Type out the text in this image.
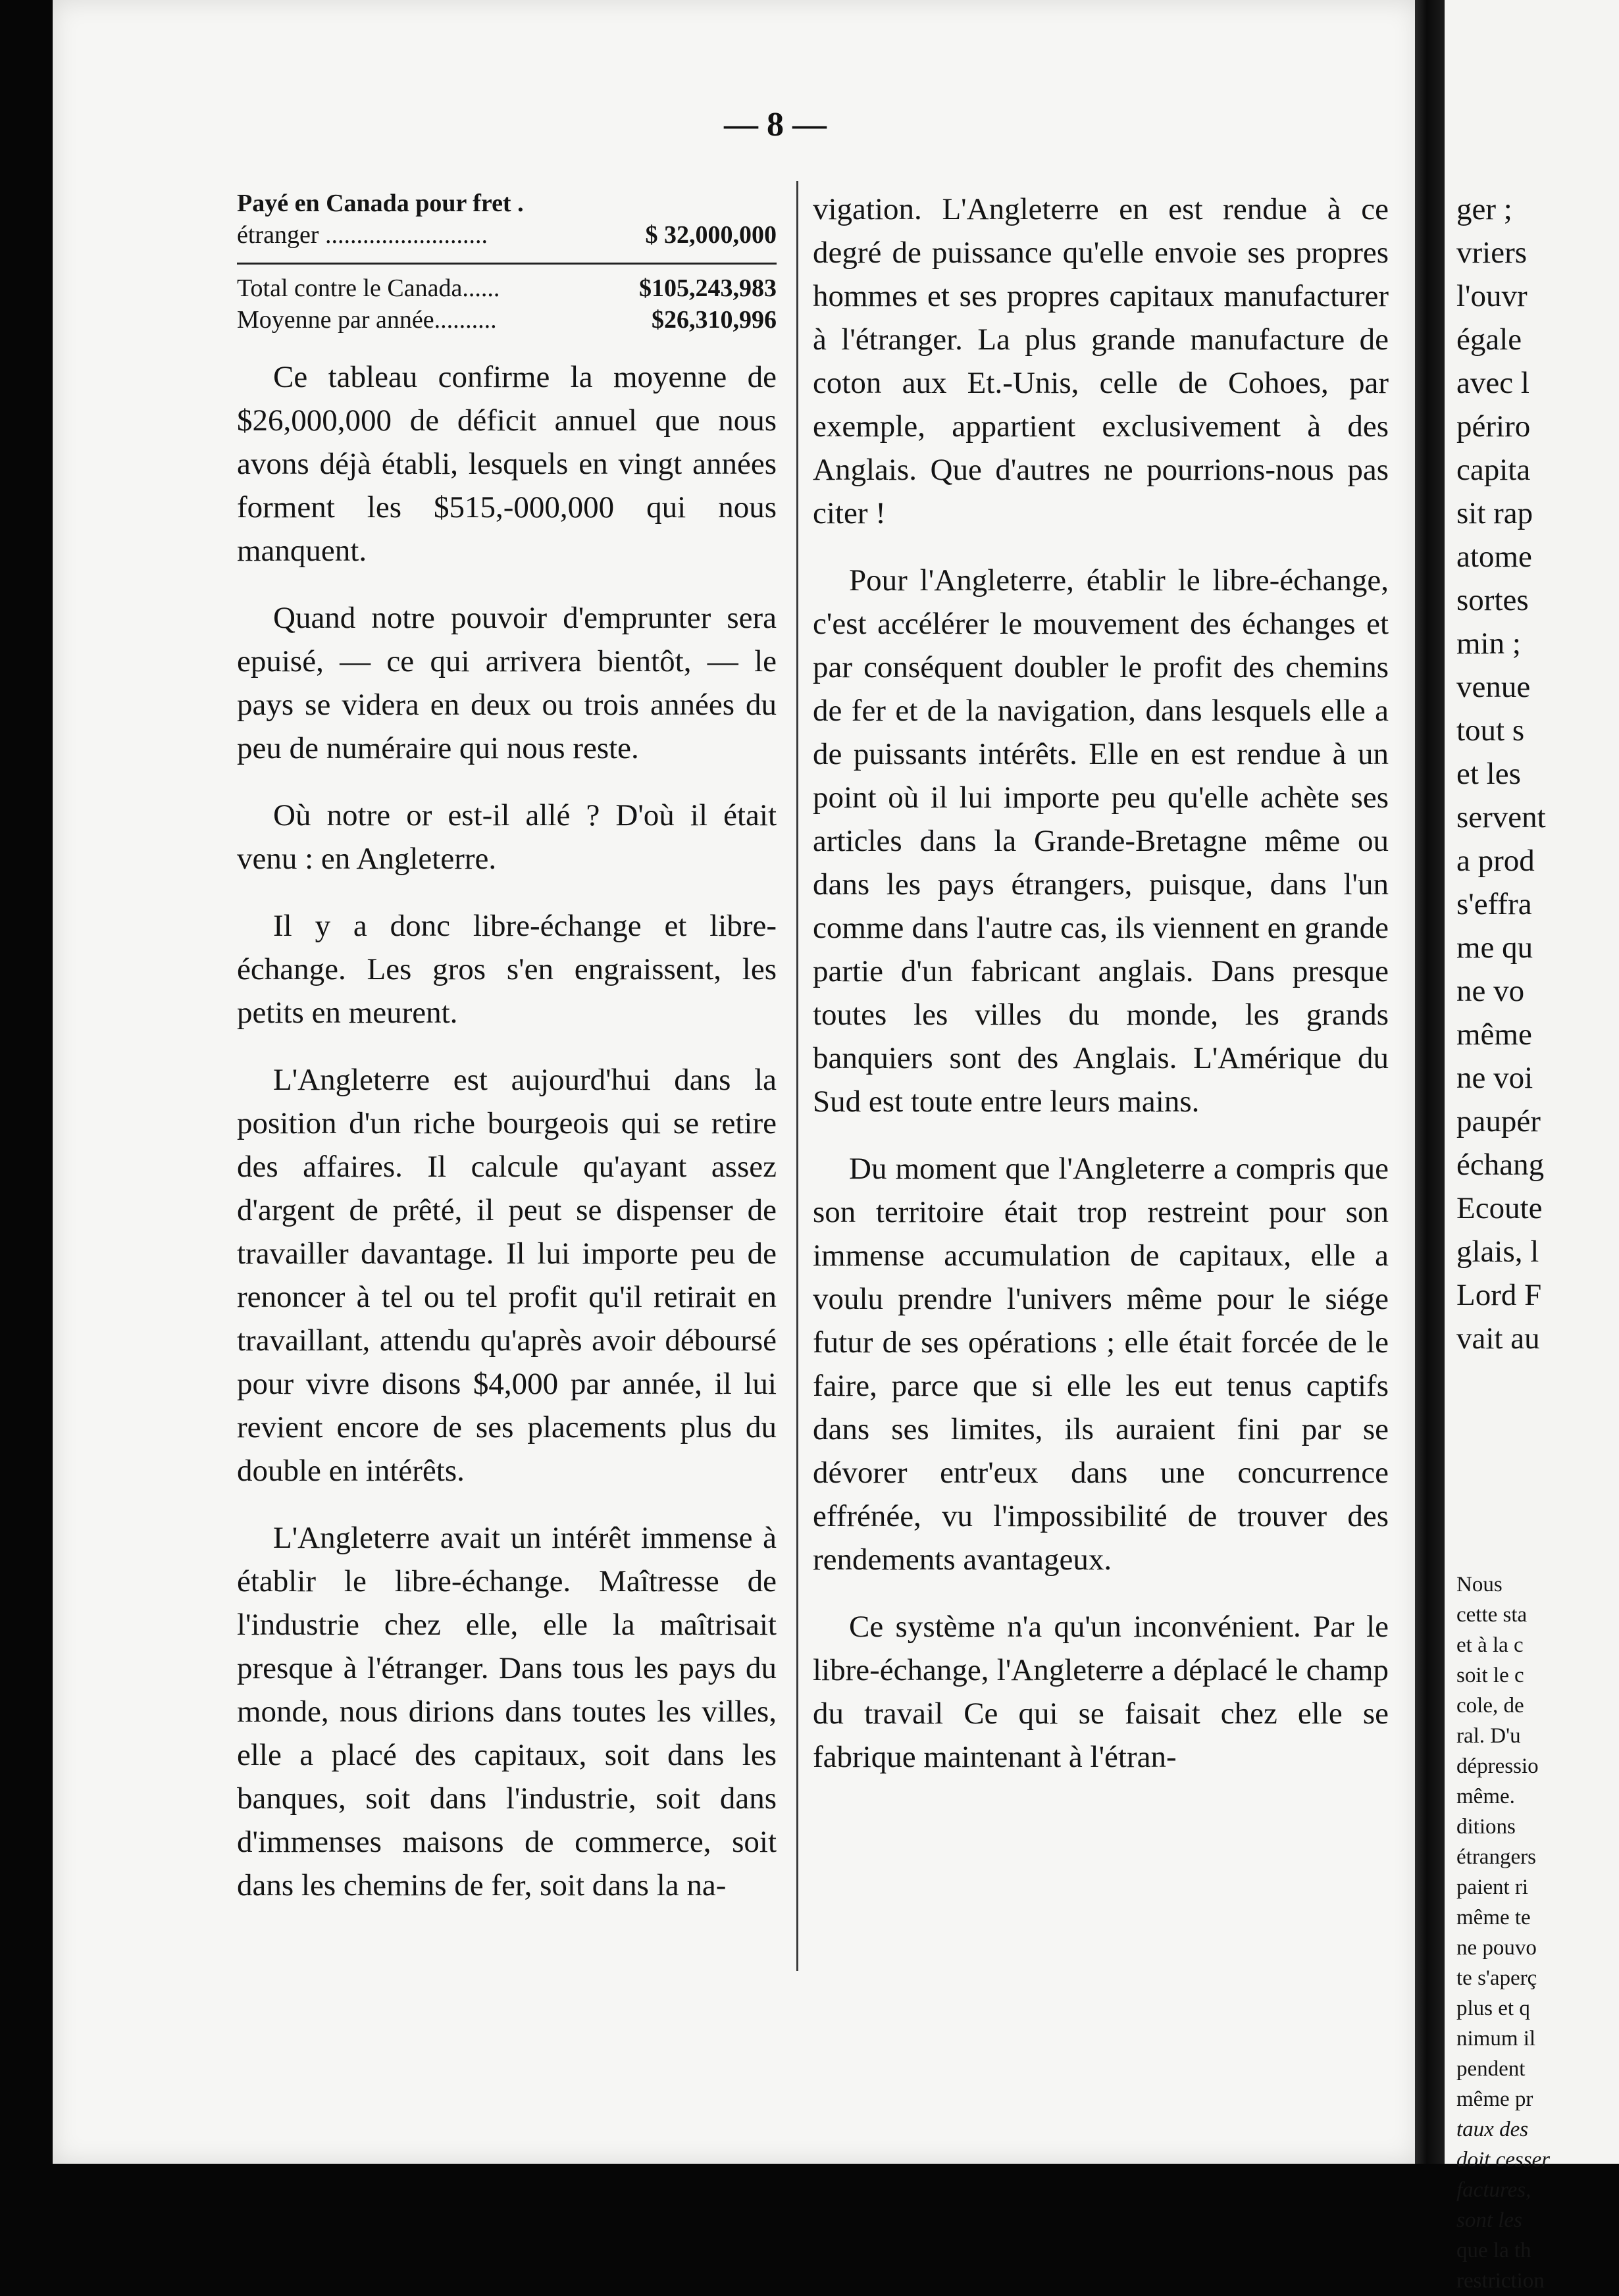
— 8 —
Payé en Canada pour fret .
étranger ..........................	$ 32,000,000
Total contre le Canada......	$105,243,983
Moyenne par année..........	$26,310,996

Ce tableau confirme la moyenne de $26,000,000 de déficit annuel que nous avons déjà établi, lesquels en vingt années forment les $515,-000,000 qui nous manquent.

Quand notre pouvoir d'emprunter sera epuisé, — ce qui arrivera bientôt, — le pays se videra en deux ou trois années du peu de numéraire qui nous reste.

Où notre or est-il allé ? D'où il était venu : en Angleterre.

Il y a donc libre-échange et libre-échange. Les gros s'en engraissent, les petits en meurent.

L'Angleterre est aujourd'hui dans la position d'un riche bourgeois qui se retire des affaires. Il calcule qu'ayant assez d'argent de prêté, il peut se dispenser de travailler davantage. Il lui importe peu de renoncer à tel ou tel profit qu'il retirait en travaillant, attendu qu'après avoir déboursé pour vivre disons $4,000 par année, il lui revient encore de ses placements plus du double en intérêts.

L'Angleterre avait un intérêt immense à établir le libre-échange. Maîtresse de l'industrie chez elle, elle la maîtrisait presque à l'étranger. Dans tous les pays du monde, nous dirions dans toutes les villes, elle a placé des capitaux, soit dans les banques, soit dans l'industrie, soit dans d'immenses maisons de commerce, soit dans les chemins de fer, soit dans la na-

vigation. L'Angleterre en est rendue à ce degré de puissance qu'elle envoie ses propres hommes et ses propres capitaux manufacturer à l'étranger. La plus grande manufacture de coton aux Et.-Unis, celle de Cohoes, par exemple, appartient exclusivement à des Anglais. Que d'autres ne pourrions-nous pas citer !

Pour l'Angleterre, établir le libre-échange, c'est accélérer le mouvement des échanges et par conséquent doubler le profit des chemins de fer et de la navigation, dans lesquels elle a de puissants intérêts. Elle en est rendue à un point où il lui importe peu qu'elle achète ses articles dans la Grande-Bretagne même ou dans les pays étrangers, puisque, dans l'un comme dans l'autre cas, ils viennent en grande partie d'un fabricant anglais. Dans presque toutes les villes du monde, les grands banquiers sont des Anglais. L'Amérique du Sud est toute entre leurs mains.

Du moment que l'Angleterre a compris que son territoire était trop restreint pour son immense accumulation de capitaux, elle a voulu prendre l'univers même pour le siége futur de ses opérations ; elle était forcée de le faire, parce que si elle les eut tenus captifs dans ses limites, ils auraient fini par se dévorer entr'eux dans une concurrence effrénée, vu l'impossibilité de trouver des rendements avantageux.

Ce système n'a qu'un inconvénient. Par le libre-échange, l'Angleterre a déplacé le champ du travail Ce qui se faisait chez elle se fabrique maintenant à l'étran-

ger ;
vriers
l'ouvr
égale
avec l
périro
capita
sit rap
atome
sortes
min ;
venue
tout s
et les
servent
a prod
s'effra
me qu
ne vo
même
ne voi
paupér
échang
Ecoute
glais, l
Lord F
vait au
Nous
cette sta
et à la c
soit le c
cole, de
ral. D'u
dépressio
même.
ditions
étrangers
paient ri
même te
ne pouvo
te s'aperç
plus et q
nimum il
pendent
même pr
taux des
doit cesser
factures,
sont les
que la th
restriction
